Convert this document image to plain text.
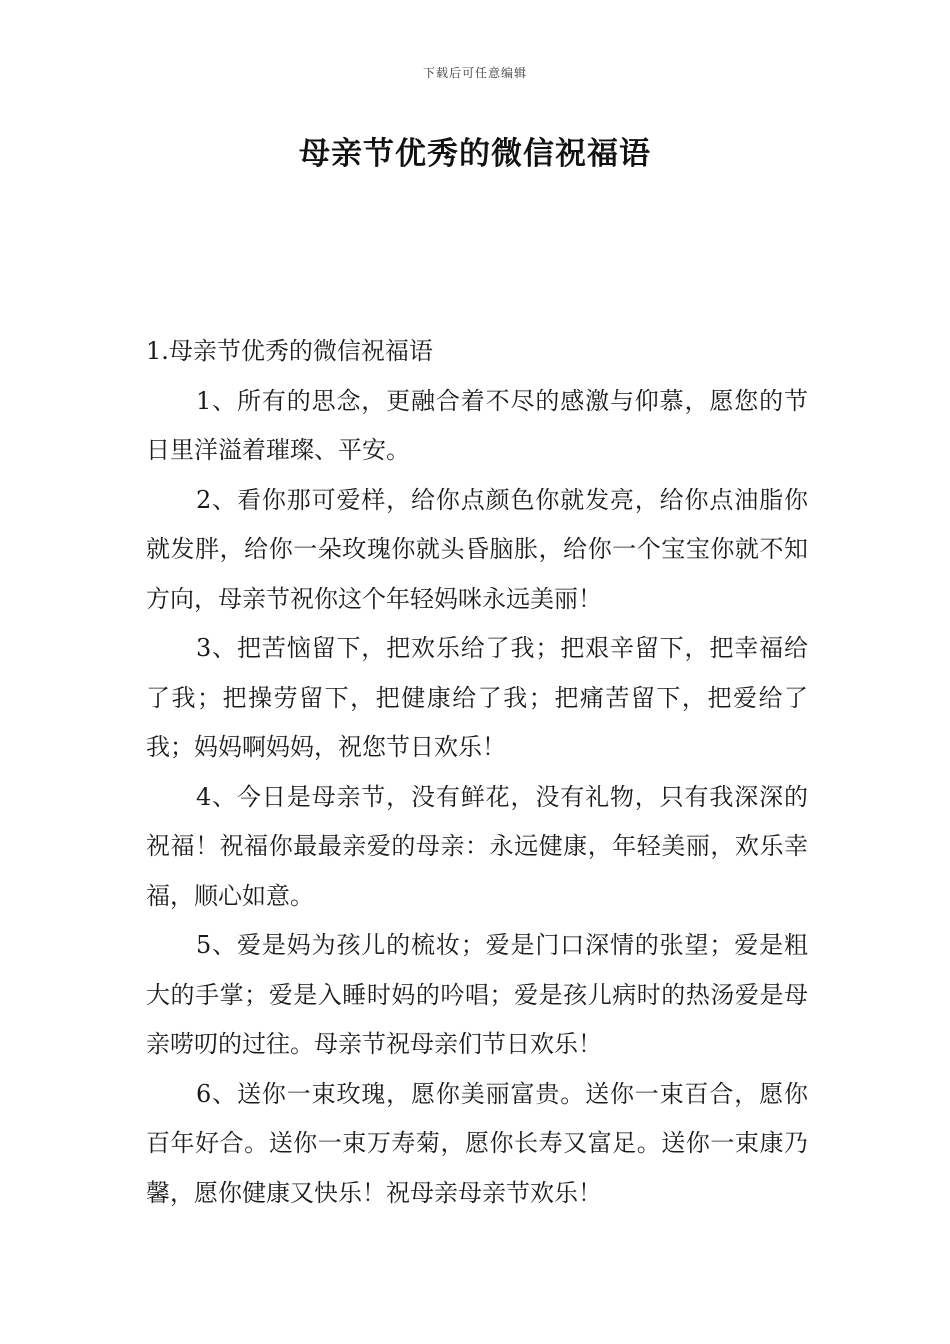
下载后可任意编辑
母亲节优秀的微信祝福语

1.母亲节优秀的微信祝福语

1、所有的思念，更融合着不尽的感激与仰慕，愿您的节日里洋溢着璀璨、平安。

2、看你那可爱样，给你点颜色你就发亮，给你点油脂你就发胖，给你一朵玫瑰你就头昏脑胀，给你一个宝宝你就不知方向，母亲节祝你这个年轻妈咪永远美丽！

3、把苦恼留下，把欢乐给了我；把艰辛留下，把幸福给了我；把操劳留下，把健康给了我；把痛苦留下，把爱给了我；妈妈啊妈妈，祝您节日欢乐！

4、今日是母亲节，没有鲜花，没有礼物，只有我深深的祝福！祝福你最最亲爱的母亲：永远健康，年轻美丽，欢乐幸福，顺心如意。

5、爱是妈为孩儿的梳妆；爱是门口深情的张望；爱是粗大的手掌；爱是入睡时妈的吟唱；爱是孩儿病时的热汤爱是母亲唠叨的过往。母亲节祝母亲们节日欢乐！

6、送你一束玫瑰，愿你美丽富贵。送你一束百合，愿你百年好合。送你一束万寿菊，愿你长寿又富足。送你一束康乃馨，愿你健康又快乐！祝母亲母亲节欢乐！
